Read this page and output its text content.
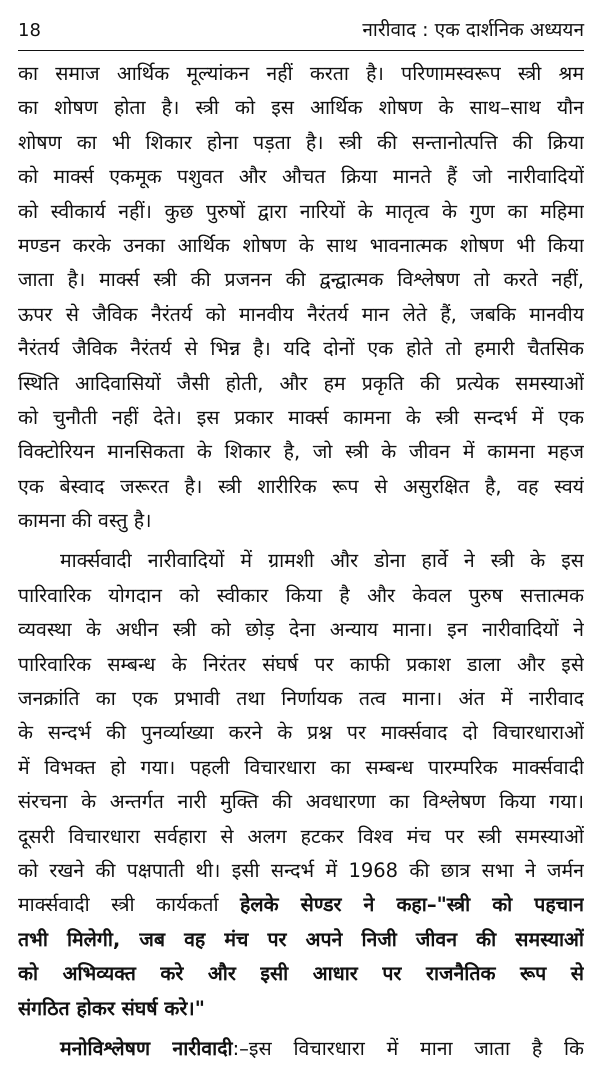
18	नारीवाद : एक दार्शनिक अध्ययन
का समाज आर्थिक मूल्यांकन नहीं करता है। परिणामस्वरूप स्त्री श्रम
का शोषण होता है। स्त्री को इस आर्थिक शोषण के साथ–साथ यौन
शोषण का भी शिकार होना पड़ता है। स्त्री की सन्तानोत्पत्ति की क्रिया
को मार्क्स एकमूक पशुवत और औचत क्रिया मानते हैं जो नारीवादियों
को स्वीकार्य नहीं। कुछ पुरुषों द्वारा नारियों के मातृत्व के गुण का महिमा
मण्डन करके उनका आर्थिक शोषण के साथ भावनात्मक शोषण भी किया
जाता है। मार्क्स स्त्री की प्रजनन की द्वन्द्वात्मक विश्लेषण तो करते नहीं,
ऊपर से जैविक नैरंतर्य को मानवीय नैरंतर्य मान लेते हैं, जबकि मानवीय
नैरंतर्य जैविक नैरंतर्य से भिन्न है। यदि दोनों एक होते तो हमारी चैतसिक
स्थिति आदिवासियों जैसी होती, और हम प्रकृति की प्रत्येक समस्याओं
को चुनौती नहीं देते। इस प्रकार मार्क्स कामना के स्त्री सन्दर्भ में एक
विक्टोरियन मानसिकता के शिकार है, जो स्त्री के जीवन में कामना महज
एक बेस्वाद जरूरत है। स्त्री शारीरिक रूप से असुरक्षित है, वह स्वयं
कामना की वस्तु है।
मार्क्सवादी नारीवादियों में ग्रामशी और डोना हार्वे ने स्त्री के इस
पारिवारिक योगदान को स्वीकार किया है और केवल पुरुष सत्तात्मक
व्यवस्था के अधीन स्त्री को छोड़ देना अन्याय माना। इन नारीवादियों ने
पारिवारिक सम्बन्ध के निरंतर संघर्ष पर काफी प्रकाश डाला और इसे
जनक्रांति का एक प्रभावी तथा निर्णायक तत्व माना। अंत में नारीवाद
के सन्दर्भ की पुनर्व्याख्या करने के प्रश्न पर मार्क्सवाद दो विचारधाराओं
में विभक्त हो गया। पहली विचारधारा का सम्बन्ध पारम्परिक मार्क्सवादी
संरचना के अन्तर्गत नारी मुक्ति की अवधारणा का विश्लेषण किया गया।
दूसरी विचारधारा सर्वहारा से अलग हटकर विश्व मंच पर स्त्री समस्याओं
को रखने की पक्षपाती थी। इसी सन्दर्भ में 1968 की छात्र सभा ने जर्मन
मार्क्सवादी स्त्री कार्यकर्ता हेलके सेण्डर ने कहा–"स्त्री को पहचान
तभी मिलेगी, जब वह मंच पर अपने निजी जीवन की समस्याओं
को अभिव्यक्त करे और इसी आधार पर राजनैतिक रूप से
संगठित होकर संघर्ष करे।"
मनोविश्लेषण नारीवादी:–इस विचारधारा में माना जाता है कि
